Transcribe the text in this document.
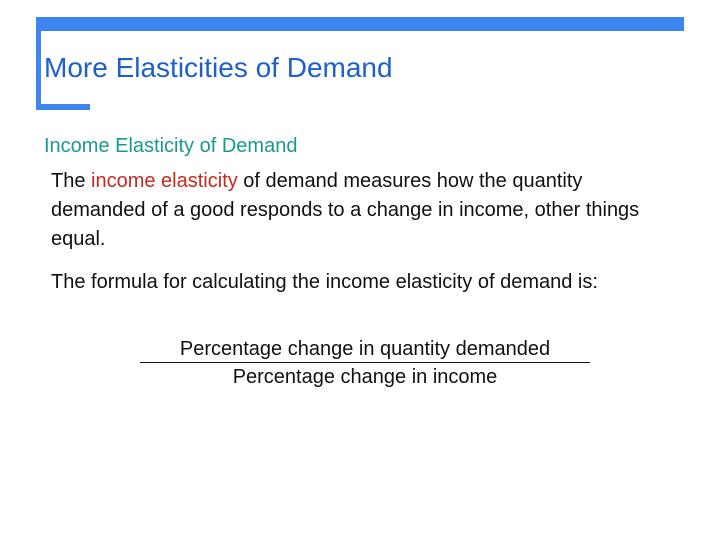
More Elasticities of Demand
Income Elasticity of Demand

The income elasticity of demand measures how the quantity demanded of a good responds to a change in income, other things equal.

The formula for calculating the income elasticity of demand is:

Percentage change in quantity demanded
Percentage change in income
